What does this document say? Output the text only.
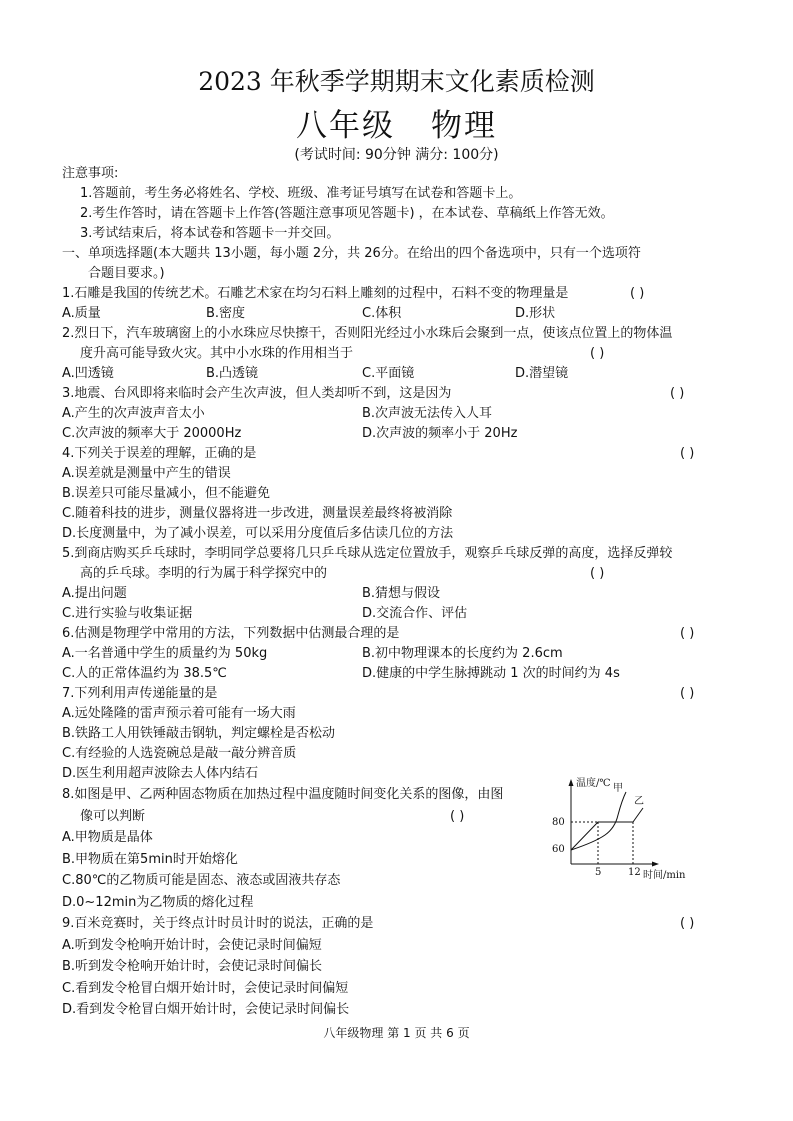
2023 年秋季学期期末文化素质检测
八年级 物理
(考试时间: 90分钟 满分: 100分)
注意事项:
1.答题前，考生务必将姓名、学校、班级、准考证号填写在试卷和答题卡上。
2.考生作答时，请在答题卡上作答(答题注意事项见答题卡) ，在本试卷、草稿纸上作答无效。
3.考试结束后，将本试卷和答题卡一并交回。
一、单项选择题(本大题共 13小题，每小题 2分，共 26分。在给出的四个备选项中，只有一个选项符
合题目要求。)
1.石雕是我国的传统艺术。石雕艺术家在均匀石料上雕刻的过程中，石料不变的物理量是	( )
A.质量	B.密度	C.体积	D.形状
2.烈日下，汽车玻璃窗上的小水珠应尽快擦干，否则阳光经过小水珠后会聚到一点，使该点位置上的物体温
度升高可能导致火灾。其中小水珠的作用相当于	( )
A.凹透镜	B.凸透镜	C.平面镜	D.潜望镜
3.地震、台风即将来临时会产生次声波，但人类却听不到，这是因为	( )
A.产生的次声波声音太小	B.次声波无法传入人耳
C.次声波的频率大于 20000Hz	D.次声波的频率小于 20Hz
4.下列关于误差的理解，正确的是	( )
A.误差就是测量中产生的错误
B.误差只可能尽量减小，但不能避免
C.随着科技的进步，测量仪器将进一步改进，测量误差最终将被消除
D.长度测量中，为了减小误差，可以采用分度值后多估读几位的方法
5.到商店购买乒乓球时，李明同学总要将几只乒乓球从选定位置放手，观察乒乓球反弹的高度，选择反弹较
高的乒乓球。李明的行为属于科学探究中的	( )
A.提出问题	B.猜想与假设
C.进行实验与收集证据	D.交流合作、评估
6.估测是物理学中常用的方法，下列数据中估测最合理的是	( )
A.一名普通中学生的质量约为 50kg	B.初中物理课本的长度约为 2.6cm
C.人的正常体温约为 38.5℃	D.健康的中学生脉搏跳动 1 次的时间约为 4s
7.下列利用声传递能量的是	( )
A.远处隆隆的雷声预示着可能有一场大雨
B.铁路工人用铁锤敲击钢轨，判定螺栓是否松动
C.有经验的人选瓷碗总是敲一敲分辨音质
D.医生利用超声波除去人体内结石
8.如图是甲、乙两种固态物质在加热过程中温度随时间变化关系的图像，由图
像可以判断	( )
A.甲物质是晶体
B.甲物质在第5min时开始熔化
C.80℃的乙物质可能是固态、液态或固液共存态
D.0~12min为乙物质的熔化过程
9.百米竞赛时，关于终点计时员计时的说法，正确的是	( )
A.听到发令枪响开始计时，会使记录时间偏短
B.听到发令枪响开始计时，会使记录时间偏长
C.看到发令枪冒白烟开始计时，会使记录时间偏短
D.看到发令枪冒白烟开始计时，会使记录时间偏长
温度/℃
时间/min
80
60
5	12
甲
乙
八年级物理 第 1 页 共 6 页
